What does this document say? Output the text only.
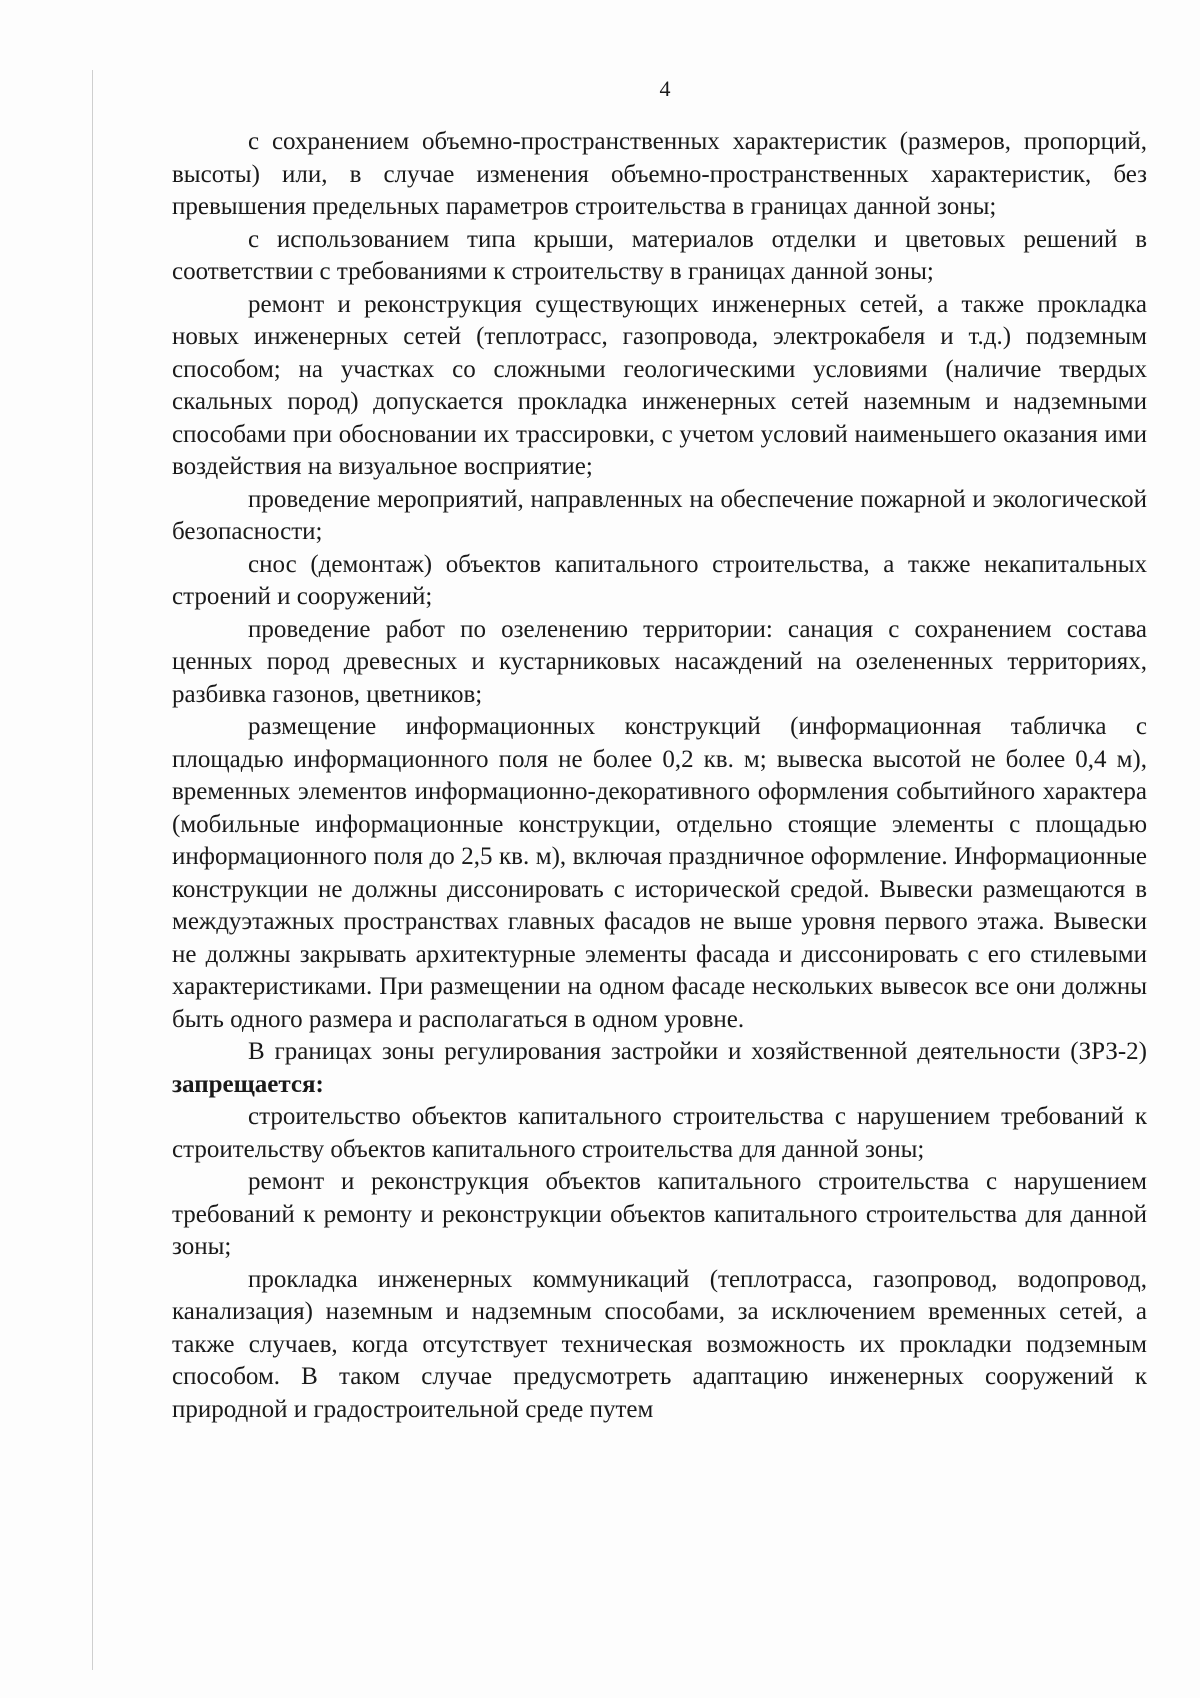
4

с сохранением объемно-пространственных характеристик (размеров, пропорций, высоты) или, в случае изменения объемно-пространственных характеристик, без превышения предельных параметров строительства в границах данной зоны;

с использованием типа крыши, материалов отделки и цветовых решений в соответствии с требованиями к строительству в границах данной зоны;

ремонт и реконструкция существующих инженерных сетей, а также прокладка новых инженерных сетей (теплотрасс, газопровода, электрокабеля и т.д.) подземным способом; на участках со сложными геологическими условиями (наличие твердых скальных пород) допускается прокладка инженерных сетей наземным и надземными способами при обосновании их трассировки, с учетом условий наименьшего оказания ими воздействия на визуальное восприятие;

проведение мероприятий, направленных на обеспечение пожарной и экологической безопасности;

снос (демонтаж) объектов капитального строительства, а также некапитальных строений и сооружений;

проведение работ по озеленению территории: санация с сохранением состава ценных пород древесных и кустарниковых насаждений на озелененных территориях, разбивка газонов, цветников;

размещение информационных конструкций (информационная табличка с площадью информационного поля не более 0,2 кв. м; вывеска высотой не более 0,4 м), временных элементов информационно-декоративного оформления событийного характера (мобильные информационные конструкции, отдельно стоящие элементы с площадью информационного поля до 2,5 кв. м), включая праздничное оформление. Информационные конструкции не должны диссонировать с исторической средой. Вывески размещаются в междуэтажных пространствах главных фасадов не выше уровня первого этажа. Вывески не должны закрывать архитектурные элементы фасада и диссонировать с его стилевыми характеристиками. При размещении на одном фасаде нескольких вывесок все они должны быть одного размера и располагаться в одном уровне.

В границах зоны регулирования застройки и хозяйственной деятельности (ЗРЗ-2) запрещается:

строительство объектов капитального строительства с нарушением требований к строительству объектов капитального строительства для данной зоны;

ремонт и реконструкция объектов капитального строительства с нарушением требований к ремонту и реконструкции объектов капитального строительства для данной зоны;

прокладка инженерных коммуникаций (теплотрасса, газопровод, водопровод, канализация) наземным и надземным способами, за исключением временных сетей, а также случаев, когда отсутствует техническая возможность их прокладки подземным способом. В таком случае предусмотреть адаптацию инженерных сооружений к природной и градостроительной среде путем
